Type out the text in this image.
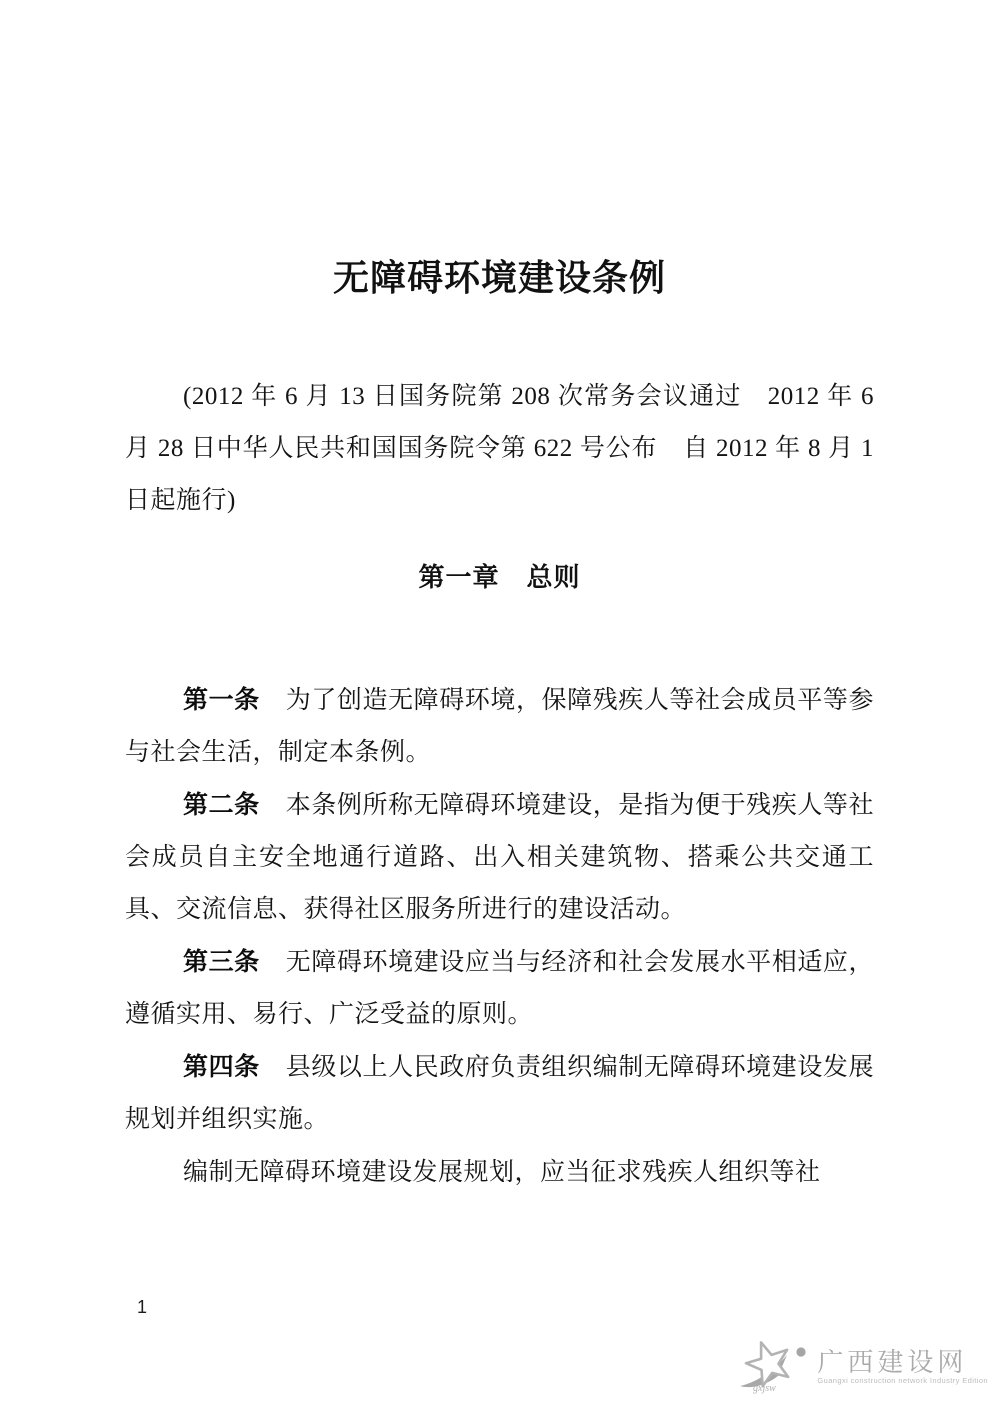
无障碍环境建设条例

(2012 年 6 月 13 日国务院第 208 次常务会议通过　2012 年 6 月 28 日中华人民共和国国务院令第 622 号公布　自 2012 年 8 月 1 日起施行)

第一章　总则

第一条 为了创造无障碍环境，保障残疾人等社会成员平等参与社会生活，制定本条例。

第二条 本条例所称无障碍环境建设，是指为便于残疾人等社会成员自主安全地通行道路、出入相关建筑物、搭乘公共交通工具、交流信息、获得社区服务所进行的建设活动。

第三条 无障碍环境建设应当与经济和社会发展水平相适应，遵循实用、易行、广泛受益的原则。

第四条 县级以上人民政府负责组织编制无障碍环境建设发展规划并组织实施。

编制无障碍环境建设发展规划，应当征求残疾人组织等社

1
gxjsw
广西建设网
Guangxi construction network Industry Edition
